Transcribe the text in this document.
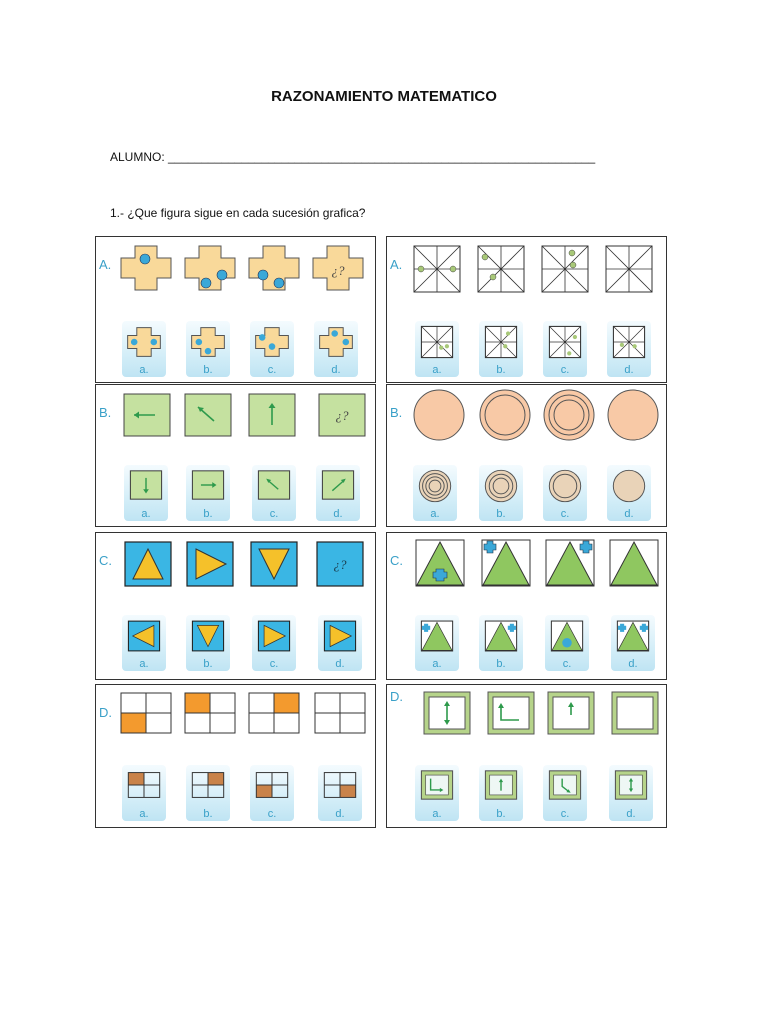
RAZONAMIENTO MATEMATICO
ALUMNO: ________________________________________________________________
1.- ¿Que figura sigue en cada sucesión grafica?
A.	¿?
a.	b.	c.	d.
A.
a.	b.	c.	d.
B.	¿?
a.	b.	c.	d.
B.
a.	b.	c.	d.
C.	¿?
a.	b.	c.	d.
C.
a.	b.	c.	d.
D.
a.	b.	c.	d.
D.
a.	b.	c.	d.
